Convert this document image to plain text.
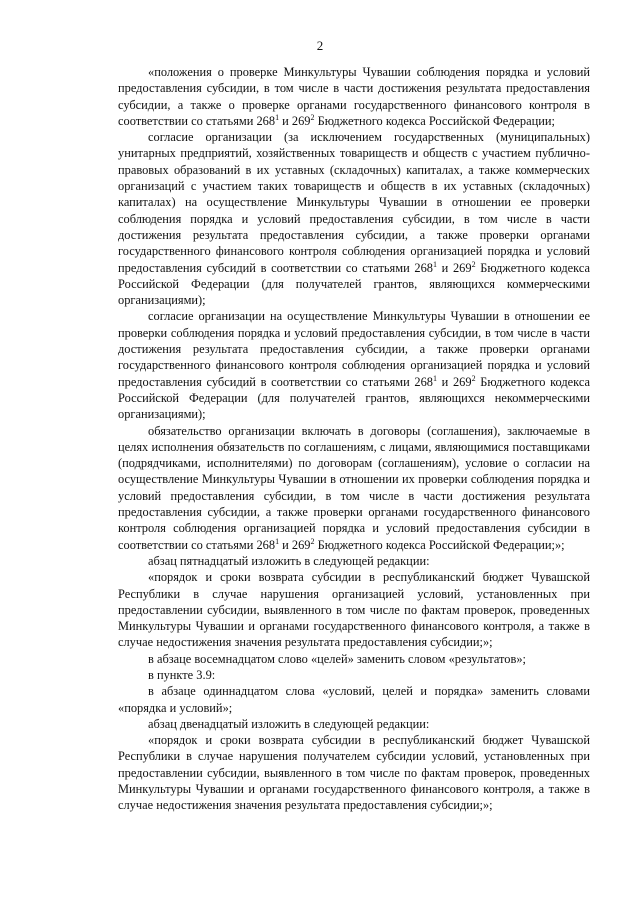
2

«положения о проверке Минкультуры Чувашии соблюдения порядка и условий предоставления субсидии, в том числе в части достижения результата предоставления субсидии, а также о проверке органами государственного финансового контроля в соответствии со статьями $268^1$ и $269^2$ Бюджетного кодекса Российской Федерации;

согласие организации (за исключением государственных (муниципальных) унитарных предприятий, хозяйственных товариществ и обществ с участием публично-правовых образований в их уставных (складочных) капиталах, а также коммерческих организаций с участием таких товариществ и обществ в их уставных (складочных) капиталах) на осуществление Минкультуры Чувашии в отношении ее проверки соблюдения порядка и условий предоставления субсидии, в том числе в части достижения результата предоставления субсидии, а также проверки органами государственного финансового контроля соблюдения организацией порядка и условий предоставления субсидий в соответствии со статьями $268^1$ и $269^2$ Бюджетного кодекса Российской Федерации (для получателей грантов, являющихся коммерческими организациями);

согласие организации на осуществление Минкультуры Чувашии в отношении ее проверки соблюдения порядка и условий предоставления субсидии, в том числе в части достижения результата предоставления субсидии, а также проверки органами государственного финансового контроля соблюдения организацией порядка и условий предоставления субсидий в соответствии со статьями $268^1$ и $269^2$ Бюджетного кодекса Российской Федерации (для получателей грантов, являющихся некоммерческими организациями);

обязательство организации включать в договоры (соглашения), заключаемые в целях исполнения обязательств по соглашениям, с лицами, являющимися поставщиками (подрядчиками, исполнителями) по договорам (соглашениям), условие о согласии на осуществление Минкультуры Чувашии в отношении их проверки соблюдения порядка и условий предоставления субсидии, в том числе в части достижения результата предоставления субсидии, а также проверки органами государственного финансового контроля соблюдения организацией порядка и условий предоставления субсидии в соответствии со статьями $268^1$ и $269^2$ Бюджетного кодекса Российской Федерации;»;

абзац пятнадцатый изложить в следующей редакции:

«порядок и сроки возврата субсидии в республиканский бюджет Чувашской Республики в случае нарушения организацией условий, установленных при предоставлении субсидии, выявленного в том числе по фактам проверок, проведенных Минкультуры Чувашии и органами государственного финансового контроля, а также в случае недостижения значения результата предоставления субсидии;»;

в абзаце восемнадцатом слово «целей» заменить словом «результатов»;

в пункте 3.9:

в абзаце одиннадцатом слова «условий, целей и порядка» заменить словами «порядка и условий»;

абзац двенадцатый изложить в следующей редакции:

«порядок и сроки возврата субсидии в республиканский бюджет Чувашской Республики в случае нарушения получателем субсидии условий, установленных при предоставлении субсидии, выявленного в том числе по фактам проверок, проведенных Минкультуры Чувашии и органами государственного финансового контроля, а также в случае недостижения значения результата предоставления субсидии;»;
